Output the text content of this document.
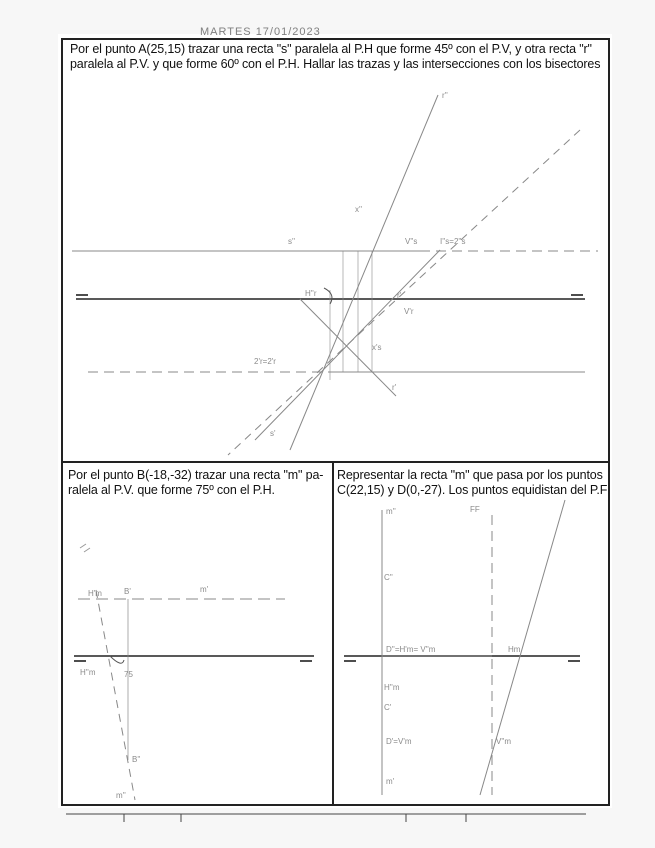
MARTES 17/01/2023

Por el punto A(25,15) trazar una recta "s" paralela al P.H que forme 45º con el P.V, y otra recta "r"
paralela al P.V. y que forme 60º con el P.H. Hallar las trazas y las intersecciones con los bisectores

Por el punto B(-18,-32) trazar una recta "m" pa-
ralela al P.V. que forme 75º con el P.H.

Representar la recta "m" que pasa por los puntos
C(22,15) y D(0,-27). Los puntos equidistan del P.F

r''
s''	V''s	I''s=2''s
x''
r'
V'r
x's
2'r=2'r
r'
s'
H''r
H'm	B'	m'
H''m	75
B''
m''
m''	FF
C''
D''=H'm= V''m
D'=V'm
C'
H''m
V''m
m'
Hm
